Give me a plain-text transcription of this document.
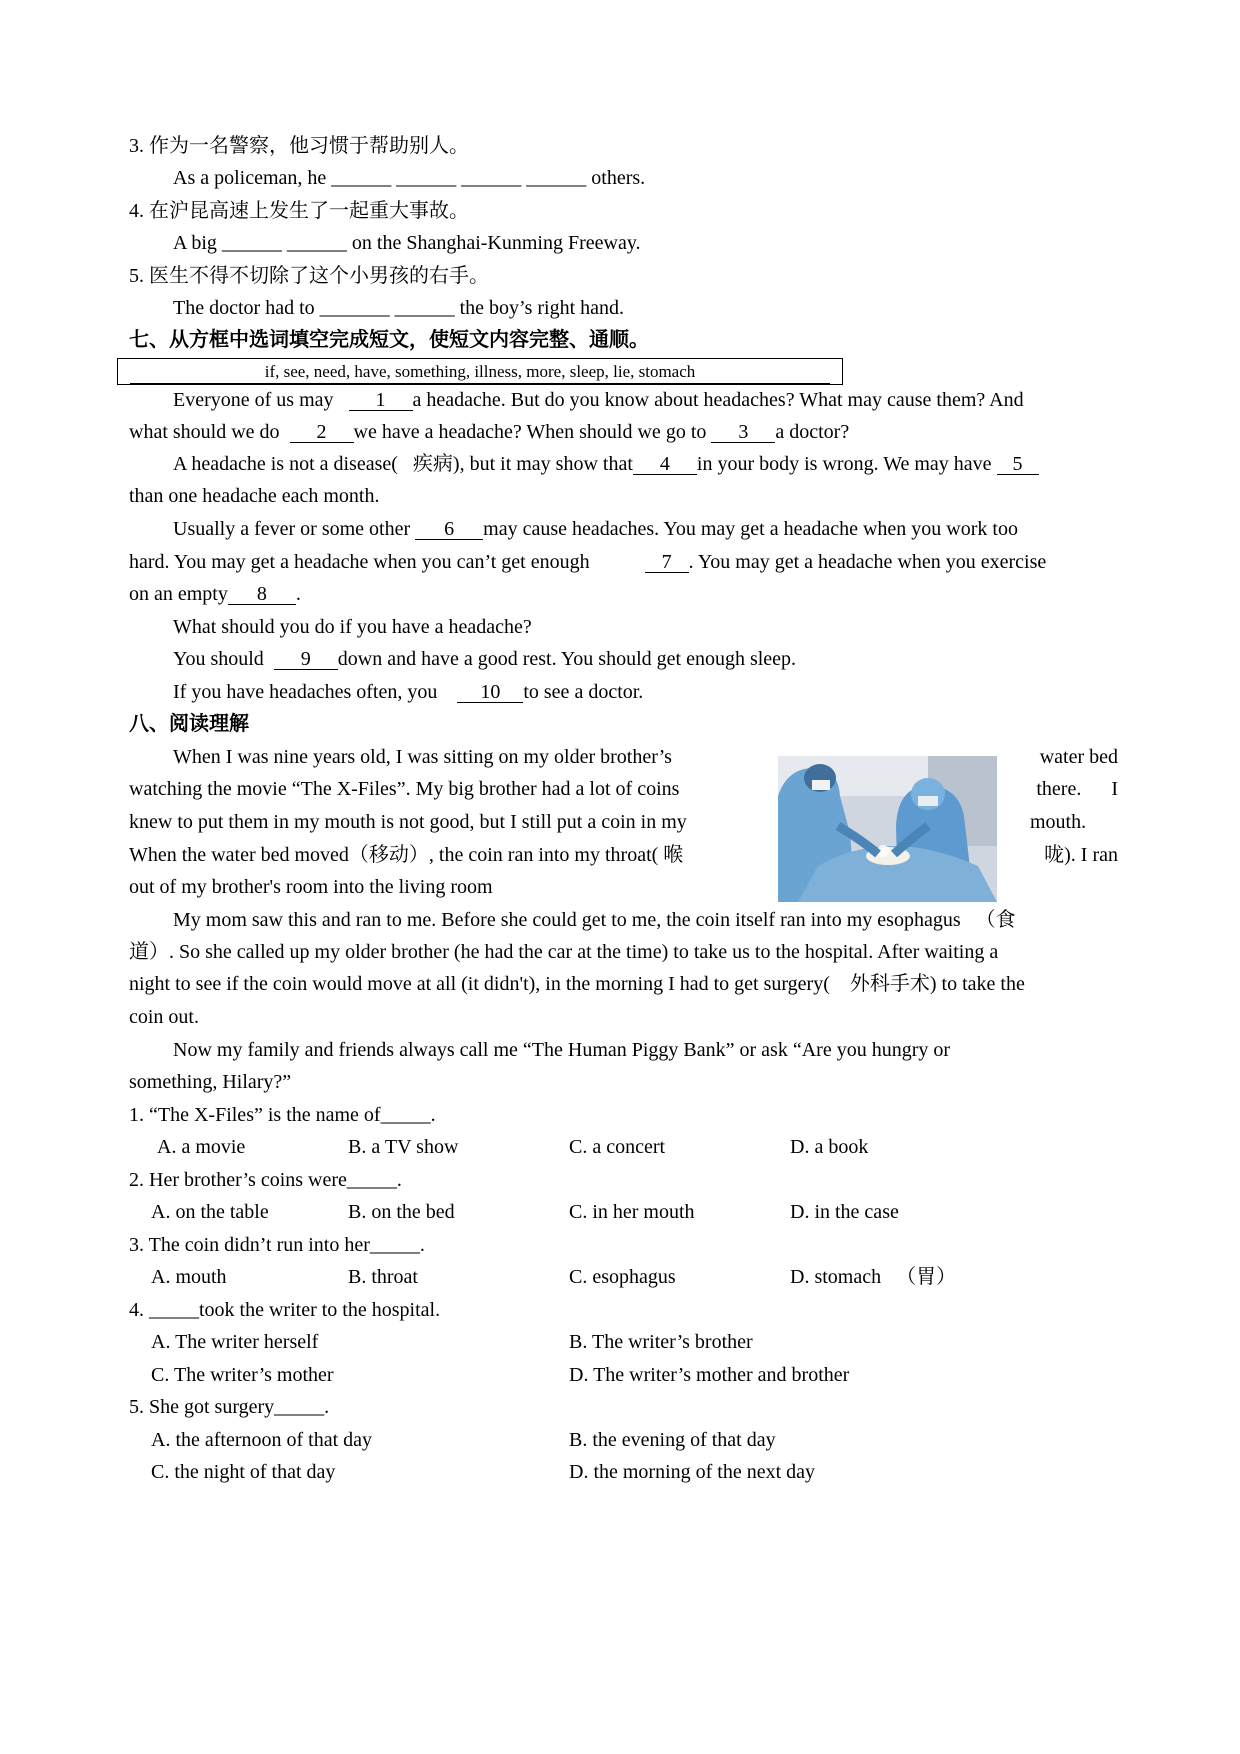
3. 作为一名警察，他习惯于帮助别人。
As a policeman, he ______ ______ ______ ______ others.
4. 在沪昆高速上发生了一起重大事故。
A big ______ ______ on the Shanghai-Kunming Freeway.
5. 医生不得不切除了这个小男孩的右手。
The doctor had to _______ ______ the boy’s right hand.
七、从方框中选词填空完成短文，使短文内容完整、通顺。
if, see, need, have, something, illness, more, sleep, lie, stomach
Everyone of us may 1 a headache. But do you know about headaches? What may cause them? And
what should we do 2 we have a headache? When should we go to 3 a doctor?
A headache is not a disease( 疾病), but it may show that 4 in your body is wrong. We may have 5
than one headache each month.
Usually a fever or some other 6 may cause headaches. You may get a headache when you work too
hard. You may get a headache when you can’t get enough	7 . You may get a headache when you exercise
on an empty 8 .
What should you do if you have a headache?
You should 9 down and have a good rest. You should get enough sleep.
If you have headaches often, you 10 to see a doctor.
八、阅读理解
When I was nine years old, I was sitting on my older brother’s	water bed
watching the movie “The X-Files”. My big brother had a lot of coins	there.      I
knew to put them in my mouth is not good, but I still put a coin in my	mouth.
When the water bed moved（移动）, the coin ran into my throat( 喉	咙). I ran
out of my brother's room into the living room
My mom saw this and ran to me. Before she could get to me, the coin itself ran into my esophagus   （食
道）. So she called up my older brother (he had the car at the time) to take us to the hospital. After waiting a
night to see if the coin would move at all (it didn't), in the morning I had to get surgery(    外科手术) to take the
coin out.
Now my family and friends always call me “The Human Piggy Bank” or ask “Are you hungry or
something, Hilary?”
1. “The X-Files” is the name of_____.
A. a movie	B. a TV show	C. a concert	D. a book
2. Her brother’s coins were_____.
A. on the table	B. on the bed	C. in her mouth	D. in the case
3. The coin didn’t run into her_____.
A. mouth	B. throat	C. esophagus	D. stomach   （胃）
4. _____took the writer to the hospital.
A. The writer herself	B. The writer’s brother
C. The writer’s mother	D. The writer’s mother and brother
5. She got surgery_____.
A. the afternoon of that day	B. the evening of that day
C. the night of that day	D. the morning of the next day
